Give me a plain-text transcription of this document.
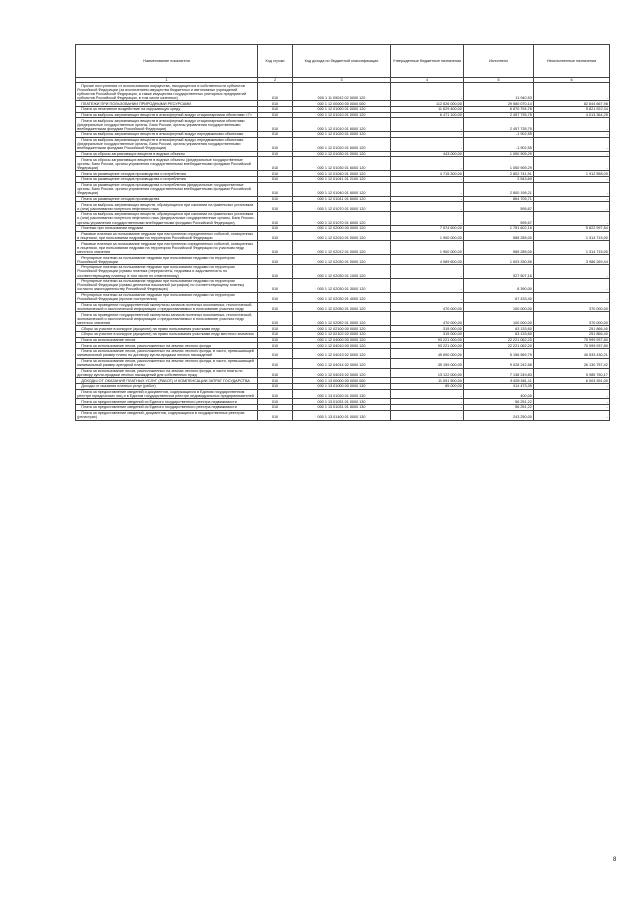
Наименование показателя	Код строки	Код дохода по бюджетной классификации	Утвержденные бюджетные назначения	Исполнено	Неисполненные назначения
1	2	3	4	5	6
Прочие поступления от использования имущества, находящегося в собственности субъектов Российской Федерации (за исключением имущества бюджетных и автономных учреждений субъектов Российской Федерации, а также имущества государственных унитарных предприятий субъектов Российской Федерации, в том числе казенных)	010	000 1 11 09042 02 0000 120	-	11 940,53	-
ПЛАТЕЖИ ПРИ ПОЛЬЗОВАНИИ ПРИРОДНЫМИ РЕСУРСАМИ	010	000 1 12 00000 00 0000 000	112 626 000,00	29 580 070,14	82 844 667,98
Плата за негативное воздействие на окружающую среду	010	000 1 12 01000 01 0000 120	11 629 400,00	6 870 794,78	5 821 922,34
Плата за выбросы загрязняющих веществ в атмосферный воздух стационарными объектами <7>	010	000 1 12 01010 01 0000 120	6 471 100,00	2 457 735,75	4 013 364,25
Плата за выбросы загрязняющих веществ в атмосферный воздух стационарными объектами (федеральные государственные органы, Банк России, органы управления государственными внебюджетными фондами Российской Федерации)	010	000 1 12 01010 01 6000 120	-	2 457 735,75	-
Плата за выбросы загрязняющих веществ в атмосферный воздух передвижными объектами	010	000 1 12 01020 01 0000 120	-	-1 902,55	-
Плата за выбросы загрязняющих веществ в атмосферный воздух передвижными объектами (федеральные государственные органы, Банк России, органы управления государственными внебюджетными фондами Российской Федерации)	010	000 1 12 01020 01 6000 120	-	-1 902,55	-
Плата за сбросы загрязняющих веществ в водные объекты	010	000 1 12 01030 01 0000 120	443 000,00	1 050 905,29	-
Плата за сбросы загрязняющих веществ в водные объекты (федеральные государственные органы, Банк России, органы управления государственными внебюджетными фондами Российской Федерации)	010	000 1 12 01030 01 6000 120	-	1 050 905,29	-
Плата за размещение отходов производства и потребления	010	000 1 12 01040 01 0000 120	4 715 300,00	2 802 741,91	1 912 558,09
Плата за размещение отходов производства и потребления	010	000 1 12 01041 01 2100 120	-	2 543,69	-
Плата за размещение отходов производства и потребления (федеральные государственные органы, Банк России, органы управления государственными внебюджетными фондами Российской Федерации)	010	000 1 12 01040 01 6000 120	-	2 800 198,21	-
Плата за размещение отходов производства	010	000 1 12 01041 01 6000 120	-	864 705,71	-
Плата за выбросы загрязняющих веществ, образующихся при сжигании на факельных установках и (или) рассеивании попутного нефтяного газа	010	000 1 12 01070 01 0000 120	-	595,67	-
Плата за выбросы загрязняющих веществ, образующихся при сжигании на факельных установках и (или) рассеивании попутного нефтяного газа (федеральные государственные органы, Банк России, органы управления государственными внебюджетными фондами Российской Федерации)	010	000 1 12 01070 01 6000 120	-	595,67	-
Платежи при пользовании недрами	010	000 1 12 02000 00 0000 120	7 574 600,00	1 751 602,16	5 822 997,84
Разовые платежи за пользование недрами при наступлении определенных событий, оговоренных в лицензии, при пользовании недрами на территории Российской Федерации	010	000 1 12 02010 01 0000 120	1 900 000,00	585 285,00	1 314 715,00
Разовые платежи за пользование недрами при наступлении определенных событий, оговоренных в лицензии, при пользовании недрами на территории Российской Федерации по участкам недр местного значения	010	000 1 12 02012 01 0000 120	1 900 000,00	585 285,00	1 314 715,00
Регулярные платежи за пользование недрами при пользовании недрами на территории Российской Федерации	010	000 1 12 02030 01 0000 120	4 989 600,00	1 003 330,56	3 986 269,44
Регулярные платежи за пользование недрами при пользовании недрами на территории Российской Федерации (суммы платежа (перерасчеты, недоимка и задолженность по соответствующему платежу, в том числе по отмененному)	010	000 1 12 02030 01 1000 120	-	927 507,16	-
Регулярные платежи за пользование недрами при пользовании недрами на территории Российской Федерации (суммы денежных взысканий (штрафов) по соответствующему платежу согласно законодательству Российской Федерации)	010	000 1 12 02030 01 3000 120	-	8 390,00	-
Регулярные платежи за пользование недрами при пользовании недрами на территории Российской Федерации (прочие поступления)	010	000 1 12 02030 01 4000 120	-	67 433,40	-
Плата за проведение государственной экспертизы запасов полезных ископаемых, геологической, экономической и экологической информации о предоставляемых в пользование участках недр	010	000 1 12 02050 01 0000 120	470 000,00	100 000,00	370 000,00
Плата за проведение государственной экспертизы запасов полезных ископаемых, геологической, экономической и экологической информации о предоставляемых в пользование участках недр местного значения	010	000 1 12 02052 01 0000 120	470 000,00	100 000,00	370 000,00
Сборы за участие в конкурсе (аукционе) на право пользования участками недр	010	000 1 12 02100 00 0000 120	315 000,00	63 133,60	251 866,40
Сборы за участие в конкурсе (аукционе) на право пользования участками недр местного значения	010	000 1 12 02102 02 0000 120	315 000,00	63 133,60	251 866,40
Плата за использование лесов	010	000 1 12 04000 00 0000 120	93 221 000,00	22 221 062,20	70 999 937,80
Плата за использование лесов, расположенных на землях лесного фонда	010	000 1 12 04010 00 0000 120	93 221 000,00	22 221 062,20	70 999 937,80
Плата за использование лесов, расположенных на землях лесного фонда, в части, превышающей минимальный размер платы по договору купли-продажи лесных насаждений	010	000 1 12 04013 02 0000 120	45 690 000,00	5 156 569,79	40 533 430,21
Плата за использование лесов, расположенных на землях лесного фонда, в части, превышающей минимальный размер арендной платы	010	000 1 12 04014 02 0000 120	35 159 000,00	9 028 242,58	26 130 757,42
Плата за использование лесов, расположенных на землях лесного фонда, в части платы по договору купли-продажи лесных насаждений для собственных нужд	010	000 1 12 04015 02 0000 120	13 122 000,00	7 136 249,83	5 985 750,17
ДОХОДЫ ОТ ОКАЗАНИЯ ПЛАТНЫХ УСЛУГ (РАБОТ) И КОМПЕНСАЦИИ ЗАТРАТ ГОСУДАРСТВА	010	000 1 13 00000 00 0000 000	11 091 500,00	5 635 661,11	6 003 391,00
Доходы от оказания платных услуг (работ)	010	000 1 13 01000 00 0000 130	85 000,00	414 473,35	-
Плата за предоставление сведений и документов, содержащихся в Едином государственном реестре юридических лиц и в Едином государственном реестре индивидуальных предпринимателей	010	000 1 13 01020 01 0000 130	-	400,00	-
Плата за предоставление сведений из Единого государственного реестра недвижимости	010	000 1 13 01031 01 0000 130	-	56 251,22	-
Плата за предоставление сведений из Единого государственного реестра недвижимости	010	000 1 13 01031 01 8000 130	-	56 251,22	-
Плата за предоставление сведений, документов, содержащихся в государственных реестрах (регистрах)	010	000 1 13 01400 01 0000 130	-	243 250,00	-
8
